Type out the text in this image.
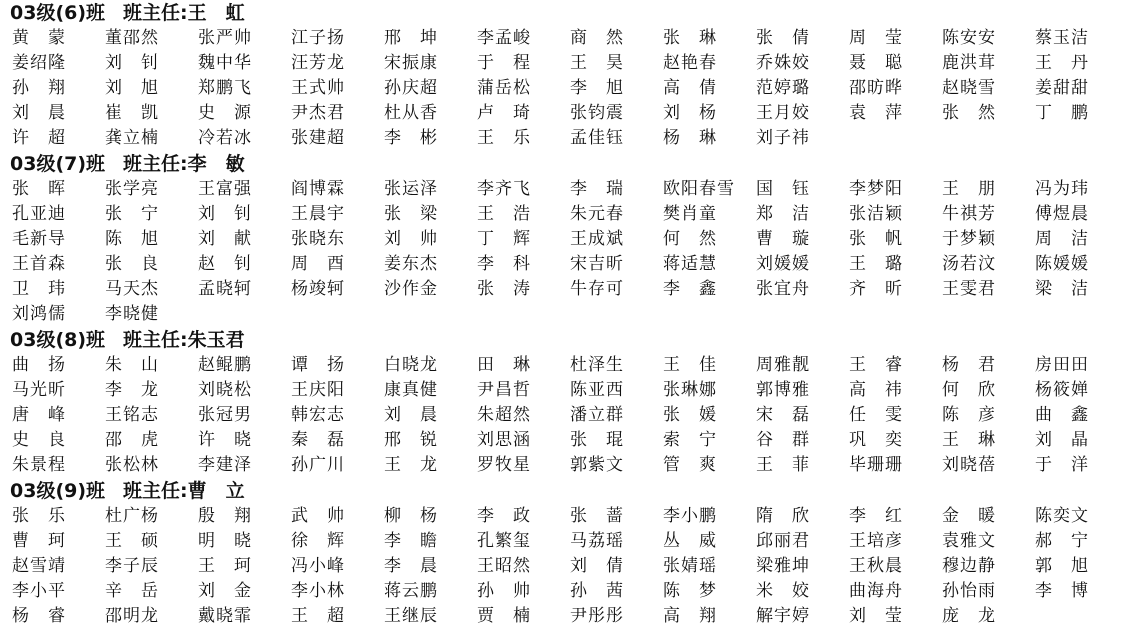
03级(6)班 班主任:王　虹
黄　蒙	董邵然	张严帅	江子扬	邢　坤	李孟峻	商　然	张　琳	张　倩	周　莹	陈安安	蔡玉洁
姜绍隆	刘　钊	魏中华	汪芳龙	宋振康	于　程	王　昊	赵艳春	乔姝姣	聂　聪	鹿洪茸	王　丹
孙　翔	刘　旭	郑鹏飞	王式帅	孙庆超	蒲岳松	李　旭	高　倩	范婷璐	邵昉晔	赵晓雪	姜甜甜
刘　晨	崔　凯	史　源	尹杰君	杜从香	卢　琦	张钧震	刘　杨	王月姣	袁　萍	张　然	丁　鹏
许　超	龚立楠	冷若冰	张建超	李　彬	王　乐	孟佳钰	杨　琳	刘子祎
03级(7)班 班主任:李　敏
张　晖	张学亮	王富强	阎博霖	张运泽	李齐飞	李　瑞	欧阳春雪	国　钰	李梦阳	王　朋	冯为玮
孔亚迪	张　宁	刘　钊	王晨宇	张　梁	王　浩	朱元春	樊肖童	郑　洁	张洁颖	牛祺芳	傅煜晨
毛新导	陈　旭	刘　献	张晓东	刘　帅	丁　辉	王成斌	何　然	曹　璇	张　帆	于梦颖	周　洁
王首森	张　良	赵　钊	周　酉	姜东杰	李　科	宋吉昕	蒋适慧	刘媛媛	王　璐	汤若汶	陈媛媛
卫　玮	马天杰	孟晓轲	杨竣轲	沙作金	张　涛	牛存可	李　鑫	张宜舟	齐　昕	王雯君	梁　洁
刘鸿儒	李晓健
03级(8)班 班主任:朱玉君
曲　扬	朱　山	赵鲲鹏	谭　扬	白晓龙	田　琳	杜泽生	王　佳	周雅靓	王　睿	杨　君	房田田
马光昕	李　龙	刘晓松	王庆阳	康真健	尹昌哲	陈亚西	张琳娜	郭博雅	高　祎	何　欣	杨筱婵
唐　峰	王铭志	张冠男	韩宏志	刘　晨	朱超然	潘立群	张　媛	宋　磊	任　雯	陈　彦	曲　鑫
史　良	邵　虎	许　晓	秦　磊	邢　锐	刘思涵	张　琨	索　宁	谷　群	巩　奕	王　琳	刘　晶
朱景程	张松林	李建泽	孙广川	王　龙	罗牧星	郭紫文	管　爽	王　菲	毕珊珊	刘晓蓓	于　洋
03级(9)班 班主任:曹　立
张　乐	杜广杨	殷　翔	武　帅	柳　杨	李　政	张　蔷	李小鹏	隋　欣	李　红	金　暖	陈奕文
曹　珂	王　硕	明　晓	徐　辉	李　瞻	孔繁玺	马荔瑶	丛　威	邱丽君	王培彦	袁雅文	郝　宁
赵雪靖	李子辰	王　珂	冯小峰	李　晨	王昭然	刘　倩	张婧瑶	梁雅坤	王秋晨	穆边静	郭　旭
李小平	辛　岳	刘　金	李小林	蒋云鹏	孙　帅	孙　茜	陈　梦	米　姣	曲海舟	孙怡雨	李　博
杨　睿	邵明龙	戴晓霏	王　超	王继辰	贾　楠	尹彤彤	高　翔	解宇婷	刘　莹	庞　龙
